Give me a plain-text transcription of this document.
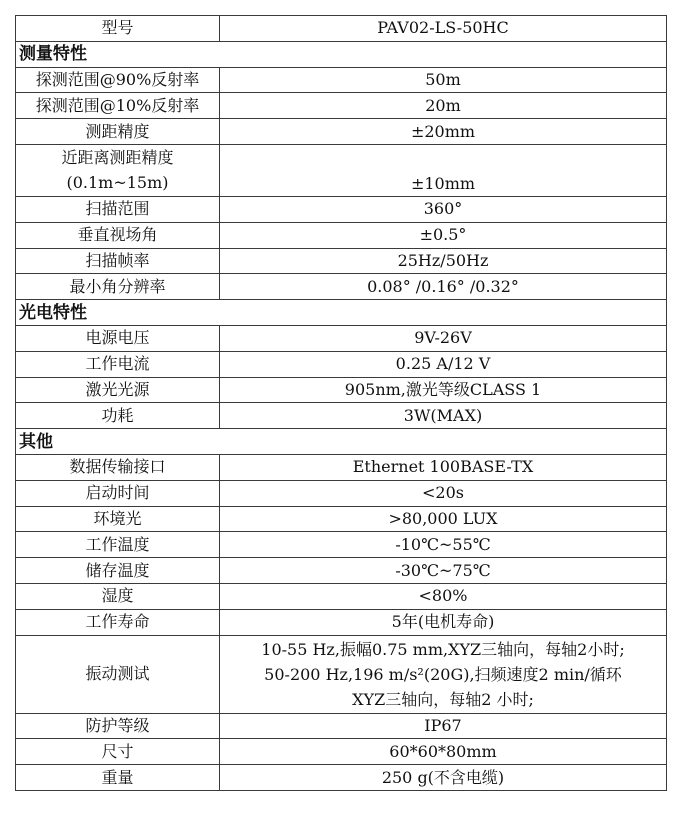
型号	PAV02-LS-50HC
测量特性	

探测范围@90%反射率	50m

探测范围@10%反射率	20m

测距精度	±20mm

近距离测距精度
(0.1m~15m)	±10mm

扫描范围	360°

垂直视场角	±0.5°

扫描帧率	25Hz/50Hz

最小角分辨率	0.08° /0.16° /0.32°

光电特性	

电源电压	9V-26V

工作电流	0.25 A/12 V

激光光源	905nm,激光等级CLASS 1

功耗	3W(MAX)

其他	

数据传输接口	Ethernet 100BASE-TX

启动时间	<20s

环境光	>80,000 LUX

工作温度	-10℃~55℃

储存温度	-30℃~75℃

湿度	<80%

工作寿命	5年(电机寿命)

振动测试	10-55 Hz,振幅0.75 mm,XYZ三轴向，每轴2小时;
50-200 Hz,196 m/s²(20G),扫频速度2 min/循环
XYZ三轴向，每轴2 小时;

防护等级	IP67

尺寸	60*60*80mm

重量	250 g(不含电缆)
